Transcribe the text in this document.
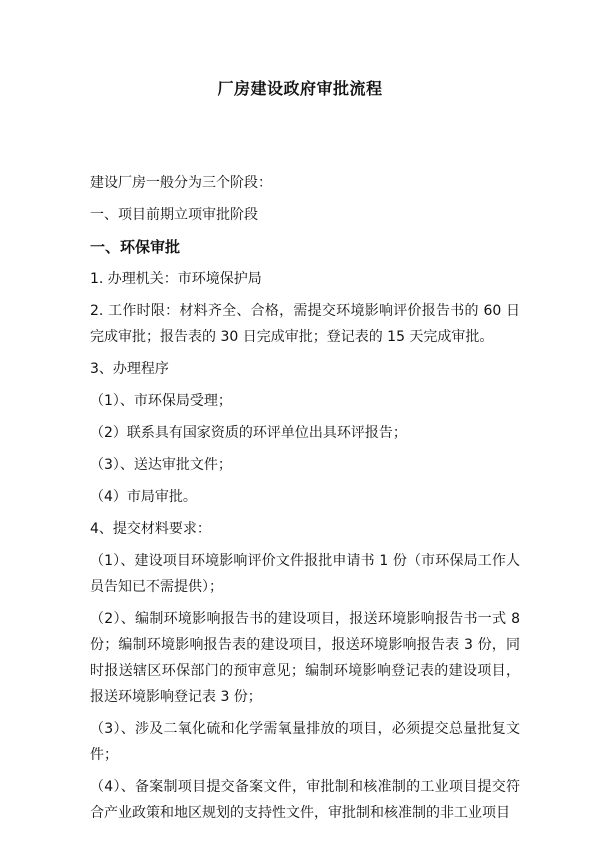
厂房建设政府审批流程
建设厂房一般分为三个阶段：
一、项目前期立项审批阶段
一、环保审批
1. 办理机关：市环境保护局
2. 工作时限：材料齐全、合格，需提交环境影响评价报告书的 60 日完成审批；报告表的 30 日完成审批；登记表的 15 天完成审批。
3、办理程序
（1）、市环保局受理；
（2）联系具有国家资质的环评单位出具环评报告；
（3）、送达审批文件；
（4）市局审批。
4、提交材料要求：
（1）、建设项目环境影响评价文件报批申请书 1 份（市环保局工作人员告知已不需提供）；
（2）、编制环境影响报告书的建设项目，报送环境影响报告书一式 8 份；编制环境影响报告表的建设项目，报送环境影响报告表 3 份，同时报送辖区环保部门的预审意见；编制环境影响登记表的建设项目，报送环境影响登记表 3 份；
（3）、涉及二氧化硫和化学需氧量排放的项目，必须提交总量批复文件；
（4）、备案制项目提交备案文件，审批制和核准制的工业项目提交符合产业政策和地区规划的支持性文件，审批制和核准制的非工业项目
